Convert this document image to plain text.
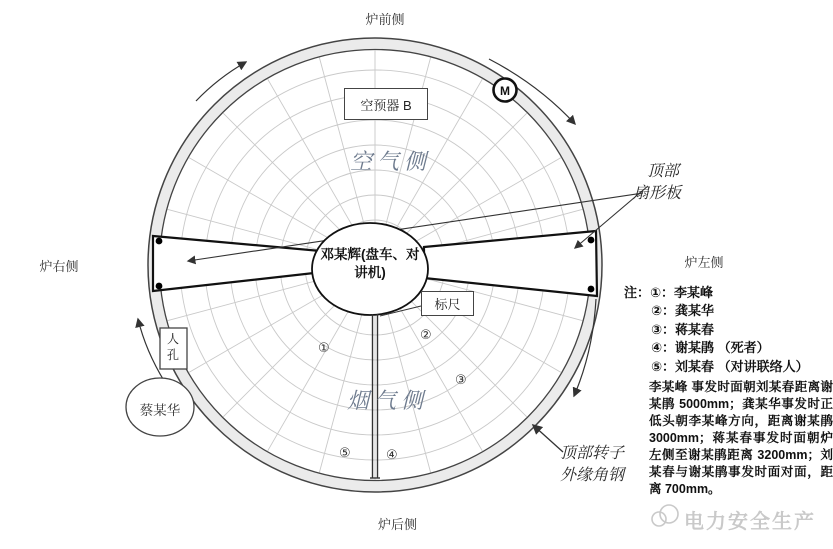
M
炉前侧
炉后侧
炉右侧	炉左侧
空预器 B
空气侧
烟气侧
邓某辉(盘车、对讲机)
标尺
人孔
蔡某华
顶部
扇形板
顶部转子
外缘角钢
①
②
③
④
⑤
注： ①：李某峰
②：龚某华
③：蒋某春
④：谢某鹃 （死者）
⑤：刘某春 （对讲联络人）
李某峰 事发时面朝刘某春距离谢某鹃 5000mm；龚某华事发时正低头朝李某峰方向，距离谢某鹃 3000mm；蒋某春事发时面朝炉左侧至谢某鹃距离 3200mm；刘某春与谢某鹃事发时面对面，距离 700mm。
电力安全生产
